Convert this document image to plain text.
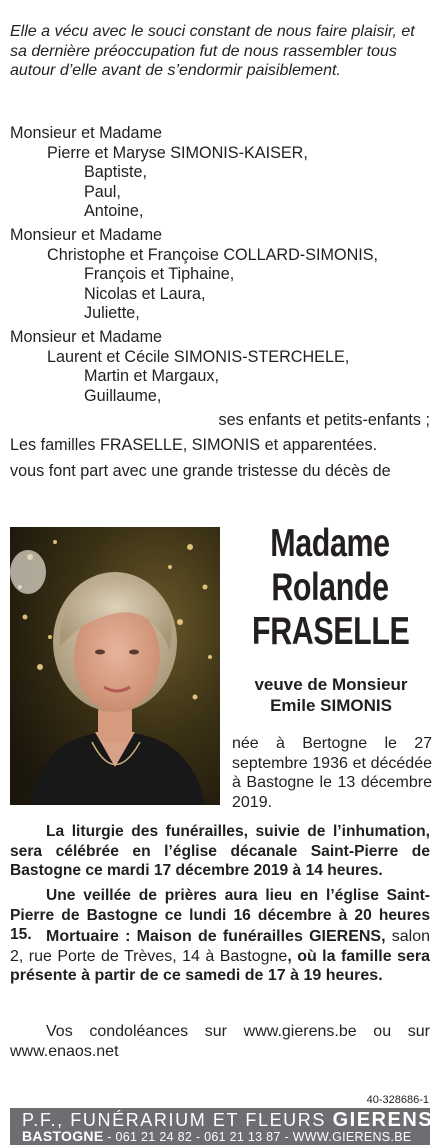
Elle a vécu avec le souci constant de nous faire plaisir, et sa dernière préoccupation fut de nous rassembler tous autour d’elle avant de s’endormir paisiblement.
Monsieur et Madame
Pierre et Maryse SIMONIS-KAISER,
Baptiste,
Paul,
Antoine,
Monsieur et Madame
Christophe et Françoise COLLARD-SIMONIS,
François et Tiphaine,
Nicolas et Laura,
Juliette,
Monsieur et Madame
Laurent et Cécile SIMONIS-STERCHELE,
Martin et Margaux,
Guillaume,
ses enfants et petits-enfants ;
Les familles FRASELLE, SIMONIS et apparentées.
vous font part avec une grande tristesse du décès de
Madame
Rolande
FRASELLE
veuve de Monsieur
Emile SIMONIS
née à Bertogne le 27 septembre 1936 et décédée à Bastogne le 13 décembre 2019.
La liturgie des funérailles, suivie de l’inhumation, sera célébrée en l’église décanale Saint-Pierre de Bastogne ce mardi 17 décembre 2019 à 14 heures.
Une veillée de prières aura lieu en l’église Saint-Pierre de Bastogne ce lundi 16 décembre à 20 heures 15. Mortuaire : Maison de funérailles GIERENS, salon 2, rue Porte de Trèves, 14 à Bastogne, où la famille sera présente à partir de ce samedi de 17 à 19 heures.
Vos condoléances sur www.gierens.be ou sur www.enaos.net
40-328686-1
P.F., FUNÉRARIUM ET FLEURS GIERENS
BASTOGNE - 061 21 24 82 - 061 21 13 87 - WWW.GIERENS.BE
